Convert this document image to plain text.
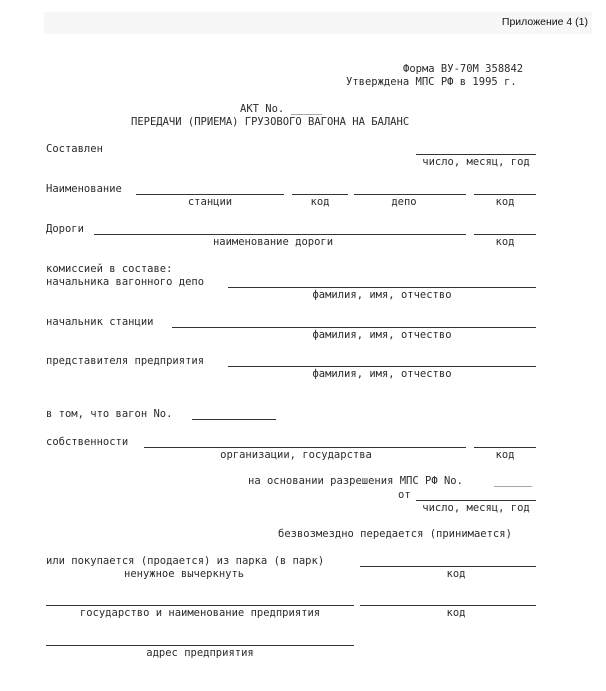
Приложение 4 (1)
Форма ВУ-70М 358842
Утверждена МПС РФ в 1995 г.
АКТ No. _____
ПЕРЕДАЧИ (ПРИЕМА) ГРУЗОВОГО ВАГОНА НА БАЛАНС
Составлен
число, месяц, год
Наименование
станции	код	депо	код
Дороги
наименование дороги	код
комиссией в составе:
начальника вагонного депо
фамилия, имя, отчество
начальник станции
фамилия, имя, отчество
представителя предприятия
фамилия, имя, отчество
в том, что вагон No.
собственности
организации, государства	код
на основании разрешения МПС РФ No.	______
от
число, месяц, год
безвозмездно передается (принимается)
или покупается (продается) из парка (в парк)
ненужное вычеркнуть	код
государство и наименование предприятия	код
адрес предприятия
